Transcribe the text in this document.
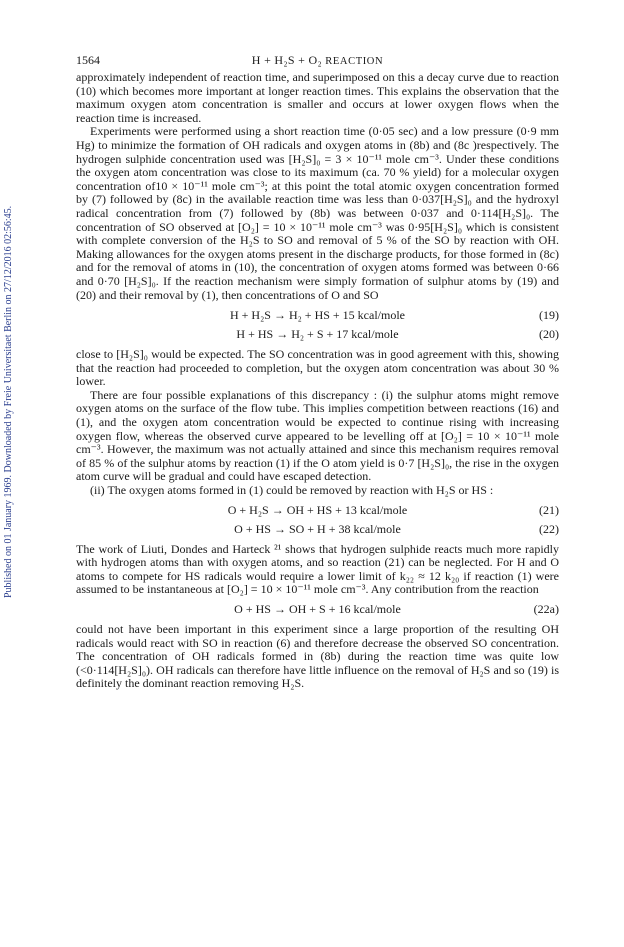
Published on 01 January 1969. Downloaded by Freie Universitaet Berlin on 27/12/2016 02:56:45.
1564	H + H₂S + O₂ REACTION

approximately independent of reaction time, and superimposed on this a decay curve due to reaction (10) which becomes more important at longer reaction times. This explains the observation that the maximum oxygen atom concentration is smaller and occurs at lower oxygen flows when the reaction time is increased.

Experiments were performed using a short reaction time (0·05 sec) and a low pressure (0·9 mm Hg) to minimize the formation of OH radicals and oxygen atoms in (8b) and (8c )respectively. The hydrogen sulphide concentration used was [H₂S]₀ = 3 × 10⁻¹¹ mole cm⁻³. Under these conditions the oxygen atom concentration was close to its maximum (ca. 70 % yield) for a molecular oxygen concentration of10 × 10⁻¹¹ mole cm⁻³; at this point the total atomic oxygen concentration formed by (7) followed by (8c) in the available reaction time was less than 0·037[H₂S]₀ and the hydroxyl radical concentration from (7) followed by (8b) was between 0·037 and 0·114[H₂S]₀. The concentration of SO observed at [O₂] = 10 × 10⁻¹¹ mole cm⁻³ was 0·95[H₂S]₀ which is consistent with complete conversion of the H₂S to SO and removal of 5 % of the SO by reaction with OH. Making allowances for the oxygen atoms present in the discharge products, for those formed in (8c) and for the removal of atoms in (10), the concentration of oxygen atoms formed was between 0·66 and 0·70 [H₂S]₀. If the reaction mechanism were simply formation of sulphur atoms by (19) and (20) and their removal by (1), then concentrations of O and SO

H + H₂S → H₂ + HS + 15 kcal/mole	(19)
H + HS → H₂ + S + 17 kcal/mole	(20)

close to [H₂S]₀ would be expected. The SO concentration was in good agreement with this, showing that the reaction had proceeded to completion, but the oxygen atom concentration was about 30 % lower.

There are four possible explanations of this discrepancy : (i) the sulphur atoms might remove oxygen atoms on the surface of the flow tube. This implies competition between reactions (16) and (1), and the oxygen atom concentration would be expected to continue rising with increasing oxygen flow, whereas the observed curve appeared to be levelling off at [O₂] = 10 × 10⁻¹¹ mole cm⁻³. However, the maximum was not actually attained and since this mechanism requires removal of 85 % of the sulphur atoms by reaction (1) if the O atom yield is 0·7 [H₂S]₀, the rise in the oxygen atom curve will be gradual and could have escaped detection.

(ii) The oxygen atoms formed in (1) could be removed by reaction with H₂S or HS :

O + H₂S → OH + HS + 13 kcal/mole	(21)
O + HS → SO + H + 38 kcal/mole	(22)

The work of Liuti, Dondes and Harteck ²¹ shows that hydrogen sulphide reacts much more rapidly with hydrogen atoms than with oxygen atoms, and so reaction (21) can be neglected. For H and O atoms to compete for HS radicals would require a lower limit of k₂₂ ≈ 12 k₂₀ if reaction (1) were assumed to be instantaneous at [O₂] = 10 × 10⁻¹¹ mole cm⁻³. Any contribution from the reaction

O + HS → OH + S + 16 kcal/mole	(22a)

could not have been important in this experiment since a large proportion of the resulting OH radicals would react with SO in reaction (6) and therefore decrease the observed SO concentration. The concentration of OH radicals formed in (8b) during the reaction time was quite low (<0·114[H₂S]₀). OH radicals can therefore have little influence on the removal of H₂S and so (19) is definitely the dominant reaction removing H₂S.
